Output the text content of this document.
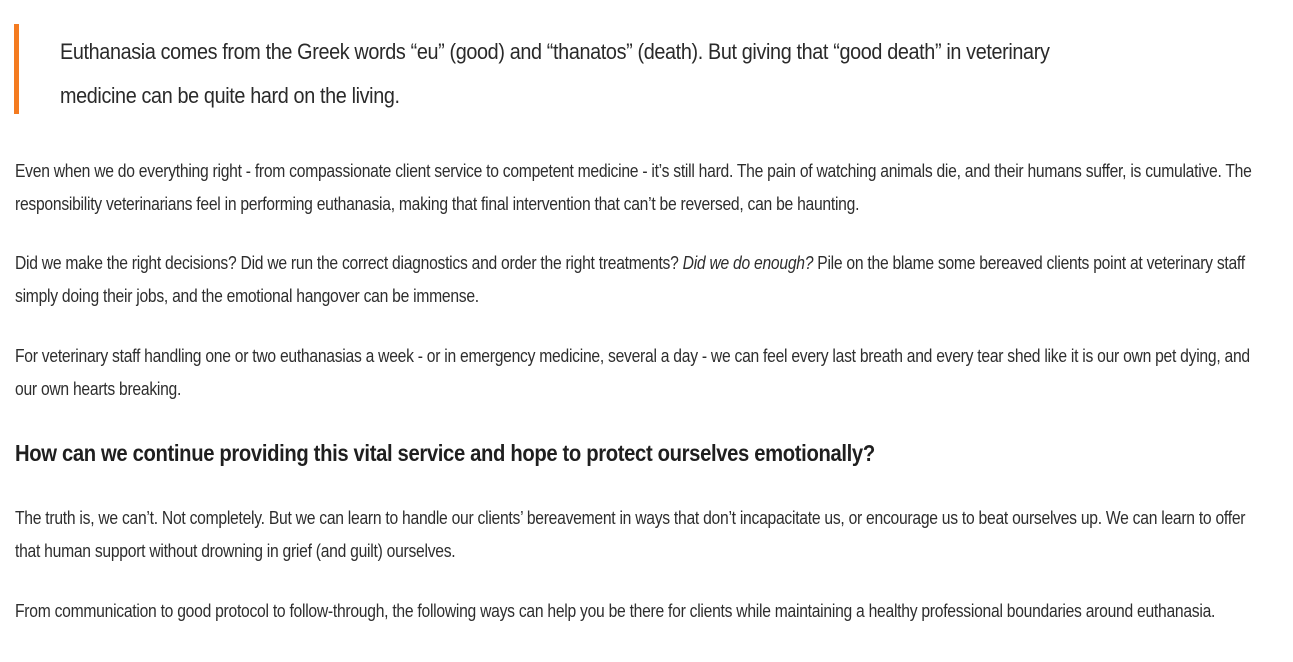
Euthanasia comes from the Greek words “eu” (good) and “thanatos” (death). But giving that “good death” in veterinary medicine can be quite hard on the living.

Even when we do everything right - from compassionate client service to competent medicine - it’s still hard. The pain of watching animals die, and their humans suffer, is cumulative. The responsibility veterinarians feel in performing euthanasia, making that final intervention that can’t be reversed, can be haunting.

Did we make the right decisions? Did we run the correct diagnostics and order the right treatments? Did we do enough? Pile on the blame some bereaved clients point at veterinary staff simply doing their jobs, and the emotional hangover can be immense.

For veterinary staff handling one or two euthanasias a week - or in emergency medicine, several a day - we can feel every last breath and every tear shed like it is our own pet dying, and our own hearts breaking.

How can we continue providing this vital service and hope to protect ourselves emotionally?

The truth is, we can’t. Not completely. But we can learn to handle our clients’ bereavement in ways that don’t incapacitate us, or encourage us to beat ourselves up. We can learn to offer that human support without drowning in grief (and guilt) ourselves.

From communication to good protocol to follow-through, the following ways can help you be there for clients while maintaining a healthy professional boundaries around euthanasia.
